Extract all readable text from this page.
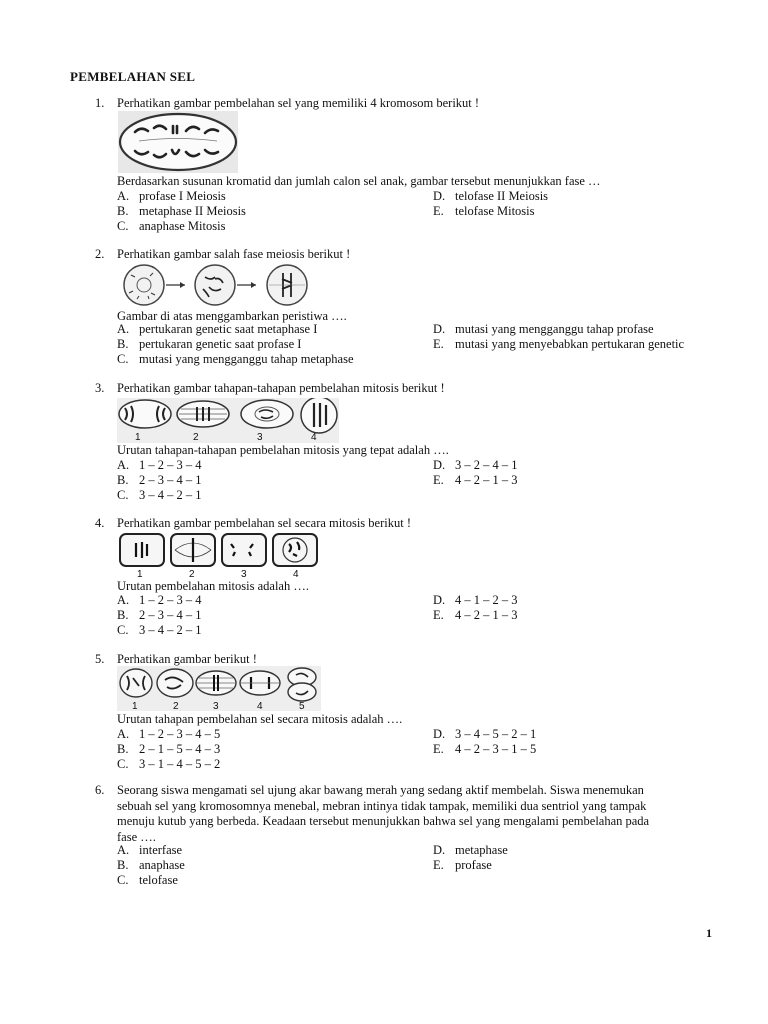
PEMBELAHAN SEL
1.	Perhatikan gambar pembelahan sel yang memiliki 4 kromosom berikut !
Berdasarkan susunan kromatid dan jumlah calon sel anak, gambar tersebut menunjukkan fase …
A. profase I Meiosis
B. metaphase II Meiosis
C. anaphase Mitosis
D. telofase II Meiosis
E. telofase Mitosis
2.	Perhatikan gambar salah fase meiosis berikut !
Gambar di atas menggambarkan peristiwa ….
A. pertukaran genetic saat metaphase I
B. pertukaran genetic saat profase I
C. mutasi yang mengganggu tahap metaphase
D. mutasi yang mengganggu tahap profase
E. mutasi yang menyebabkan pertukaran genetic
3.	Perhatikan gambar tahapan-tahapan pembelahan mitosis berikut !
1	2	3	4
Urutan tahapan-tahapan pembelahan mitosis yang tepat adalah ….
A. 1 – 2 – 3 – 4
B. 2 – 3 – 4 – 1
C. 3 – 4 – 2 – 1
D. 3 – 2 – 4 – 1
E. 4 – 2 – 1 – 3
4.	Perhatikan gambar pembelahan sel secara mitosis berikut !
1	2	3	4
Urutan pembelahan mitosis adalah ….
A. 1 – 2 – 3 – 4
B. 2 – 3 – 4 – 1
C. 3 – 4 – 2 – 1
D. 4 – 1 – 2 – 3
E. 4 – 2 – 1 – 3
5.	Perhatikan gambar berikut !
1	2	3	4	5
Urutan tahapan pembelahan sel secara mitosis adalah ….
A. 1 – 2 – 3 – 4 – 5
B. 2 – 1 – 5 – 4 – 3
C. 3 – 1 – 4 – 5 – 2
D. 3 – 4 – 5 – 2 – 1
E. 4 – 2 – 3 – 1 – 5
6.	Seorang siswa mengamati sel ujung akar bawang merah yang sedang aktif membelah. Siswa menemukan
sebuah sel yang kromosomnya menebal, mebran intinya tidak tampak, memiliki dua sentriol yang tampak
menuju kutub yang berbeda. Keadaan tersebut menunjukkan bahwa sel yang mengalami pembelahan pada
fase ….
A. interfase
B. anaphase
C. telofase
D. metaphase
E. profase
1
